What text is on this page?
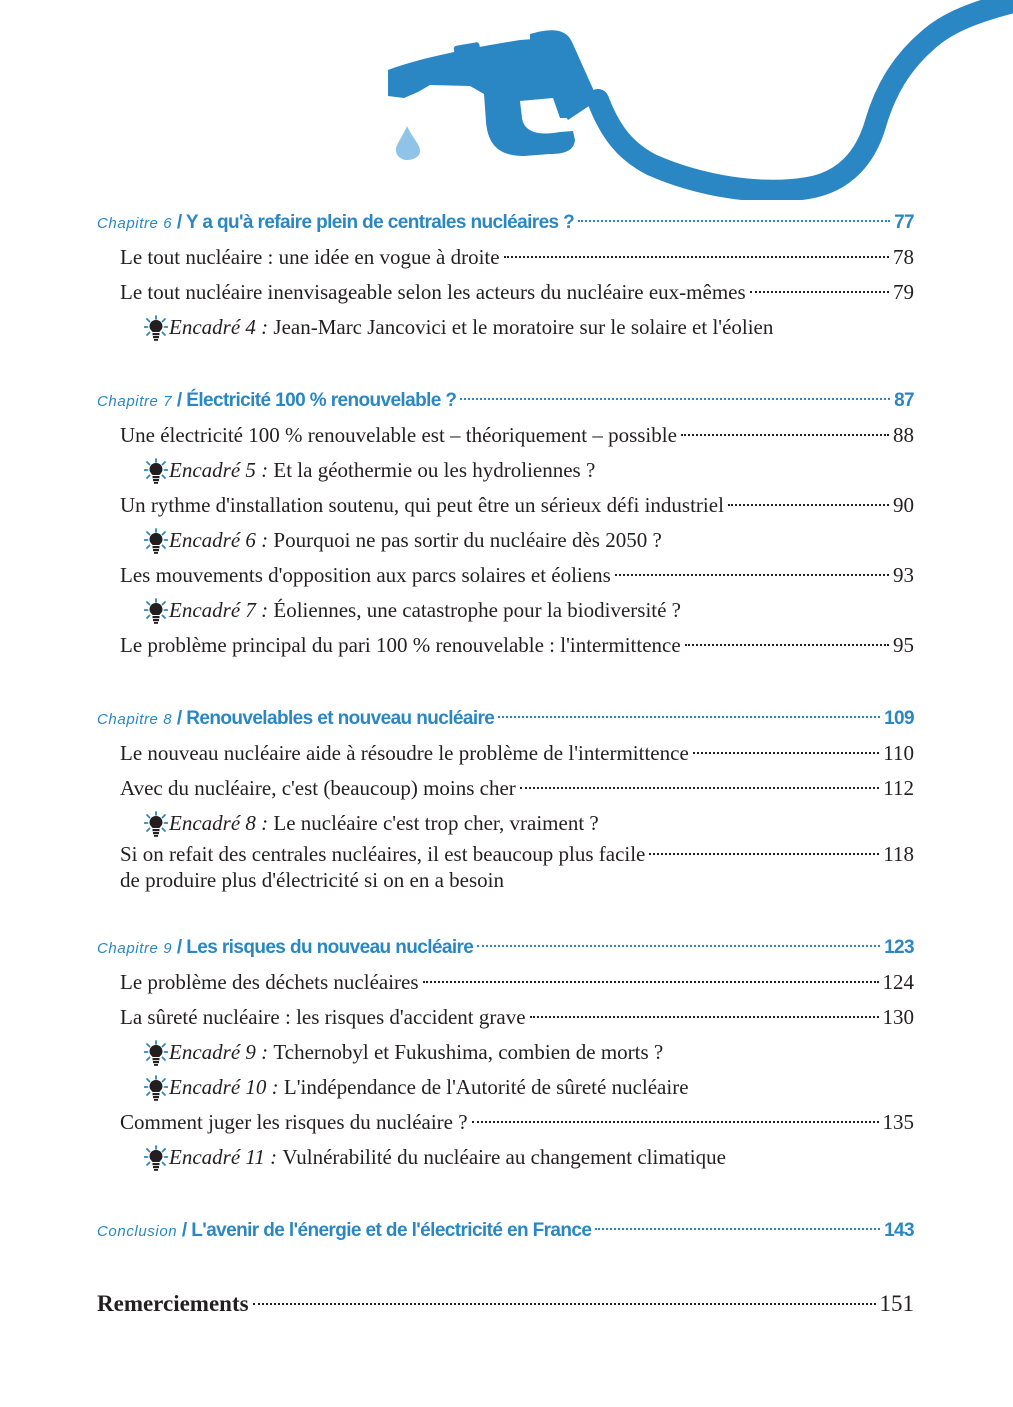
Chapitre 6 / Y a qu'à refaire plein de centrales nucléaires ?	77
Le tout nucléaire : une idée en vogue à droite	78
Le tout nucléaire inenvisageable selon les acteurs du nucléaire eux-mêmes	79
Encadré 4 :
Jean-Marc Jancovici et le moratoire sur le solaire et l'éolien
Chapitre 7 / Électricité 100 % renouvelable ?	87
Une électricité 100 % renouvelable est – théoriquement – possible	88
Encadré 5 :
Et la géothermie ou les hydroliennes ?
Un rythme d'installation soutenu, qui peut être un sérieux défi industriel	90
Encadré 6 :
Pourquoi ne pas sortir du nucléaire dès 2050 ?
Les mouvements d'opposition aux parcs solaires et éoliens	93
Encadré 7 :
Éoliennes, une catastrophe pour la biodiversité ?
Le problème principal du pari 100 % renouvelable : l'intermittence	95
Chapitre 8 / Renouvelables et nouveau nucléaire	109
Le nouveau nucléaire aide à résoudre le problème de l'intermittence	110
Avec du nucléaire, c'est (beaucoup) moins cher	112
Encadré 8 :
Le nucléaire c'est trop cher, vraiment ?
Si on refait des centrales nucléaires, il est beaucoup plus facile	118
de produire plus d'électricité si on en a besoin
Chapitre 9 / Les risques du nouveau nucléaire	123
Le problème des déchets nucléaires	124
La sûreté nucléaire : les risques d'accident grave	130
Encadré 9 :
Tchernobyl et Fukushima, combien de morts ?
Encadré 10 :
L'indépendance de l'Autorité de sûreté nucléaire
Comment juger les risques du nucléaire ?	135
Encadré 11 :
Vulnérabilité du nucléaire au changement climatique
Conclusion / L'avenir de l'énergie et de l'électricité en France	143
Remerciements	151
